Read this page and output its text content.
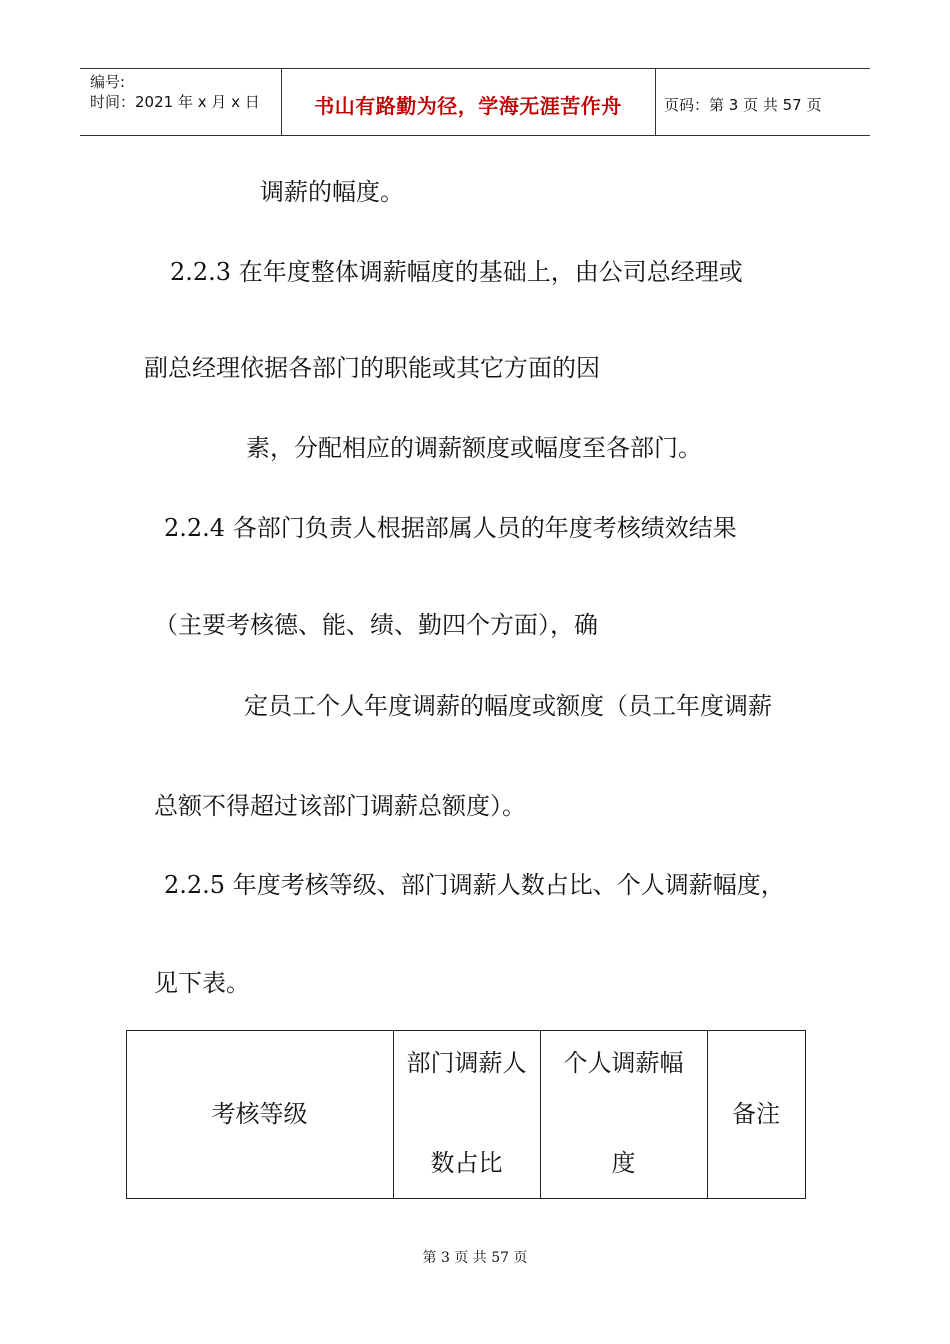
编号:
时间：2021 年 x 月 x 日	书山有路勤为径，学海无涯苦作舟	页码：第 3 页 共 57 页
调薪的幅度。
2.2.3 在年度整体调薪幅度的基础上，由公司总经理或
副总经理依据各部门的职能或其它方面的因
素，分配相应的调薪额度或幅度至各部门。
2.2.4 各部门负责人根据部属人员的年度考核绩效结果
（主要考核德、能、绩、勤四个方面），确
定员工个人年度调薪的幅度或额度（员工年度调薪
总额不得超过该部门调薪总额度）。
2.2.5 年度考核等级、部门调薪人数占比、个人调薪幅度，
见下表。
考核等级
部门调薪人
数占比
个人调薪幅
度
备注
第 3 页 共 57 页
